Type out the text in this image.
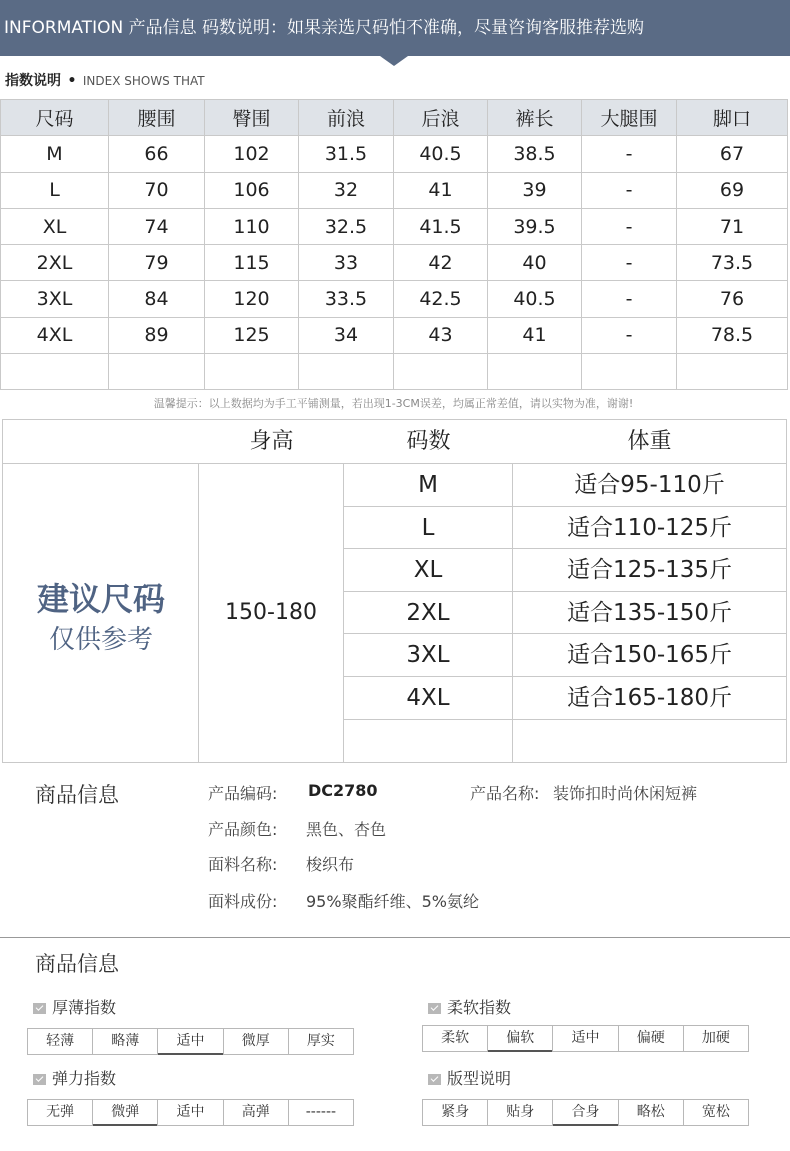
INFORMATION 产品信息 码数说明：如果亲选尺码怕不准确，尽量咨询客服推荐选购
指数说明 • INDEX SHOWS THAT
尺码	腰围	臀围	前浪	后浪	裤长	大腿围	脚口
M	66	102	31.5	40.5	38.5	-	67
L	70	106	32	41	39	-	69
XL	74	110	32.5	41.5	39.5	-	71
2XL	79	115	33	42	40	-	73.5
3XL	84	120	33.5	42.5	40.5	-	76
4XL	89	125	34	43	41	-	78.5

温馨提示：以上数据均为手工平铺测量，若出现1-3CM误差，均属正常差值，请以实物为准，谢谢!
身高	码数	体重
建议尺码
仅供参考
150-180
M	适合95-110斤
L	适合110-125斤
XL	适合125-135斤
2XL	适合135-150斤
3XL	适合150-165斤
4XL	适合165-180斤
商品信息	产品编码: DC2780	产品名称: 装饰扣时尚休闲短裤
产品颜色: 黑色、杏色
面料名称: 梭织布
面料成份: 95%聚酯纤维、5%氨纶
商品信息
厚薄指数
轻薄	略薄	适中	微厚	厚实
柔软指数
柔软	偏软	适中	偏硬	加硬
弹力指数
无弹	微弹	适中	高弹	------
版型说明
紧身	贴身	合身	略松	宽松
